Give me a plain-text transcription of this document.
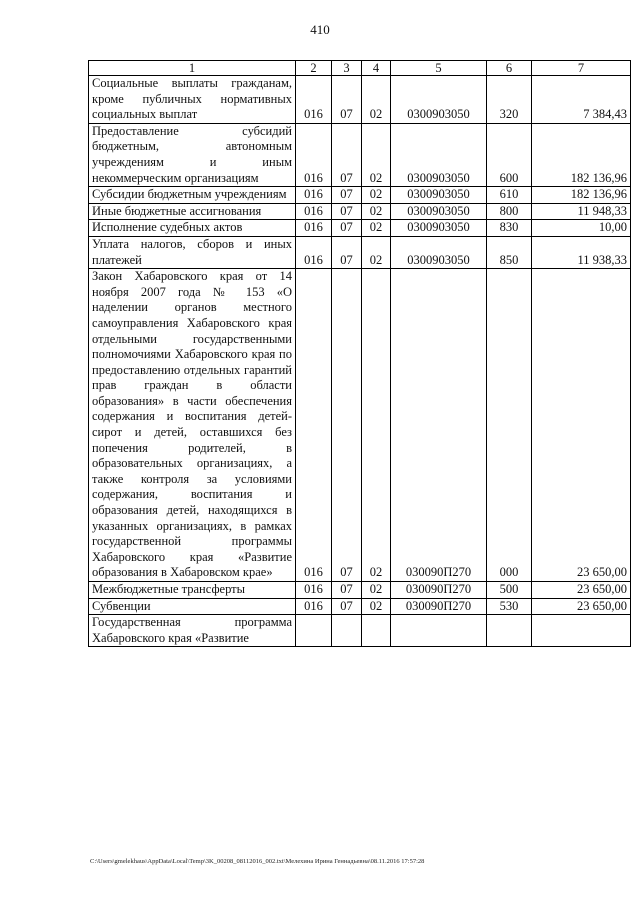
410
1	2	3	4	5	6	7
Социальные выплаты гражданам, кроме публичных нормативных социальных выплат	016	07	02	0300903050	320	7 384,43
Предоставление субсидий бюджетным, автономным учреждениям и иным некоммерческим организациям	016	07	02	0300903050	600	182 136,96
Субсидии бюджетным учреждениям	016	07	02	0300903050	610	182 136,96
Иные бюджетные ассигнования	016	07	02	0300903050	800	11 948,33
Исполнение судебных актов	016	07	02	0300903050	830	10,00
Уплата налогов, сборов и иных платежей	016	07	02	0300903050	850	11 938,33
Закон Хабаровского края от 14 ноября 2007 года № 153 «О наделении органов местного самоуправления Хабаровского края отдельными государственными полномочиями Хабаровского края по предоставлению отдельных гарантий прав граждан в области образования» в части обеспечения содержания и воспитания детей-сирот и детей, оставшихся без попечения родителей, в образовательных организациях, а также контроля за условиями содержания, воспитания и образования детей, находящихся в указанных организациях, в рамках государственной программы Хабаровского края «Развитие образования в Хабаровском крае»	016	07	02	030090П270	000	23 650,00
Межбюджетные трансферты	016	07	02	030090П270	500	23 650,00
Субвенции	016	07	02	030090П270	530	23 650,00
Государственная программа Хабаровского края «Развитие						
C:\Users\gmelekhaus\AppData\Local\Temp\3K_00208_08112016_002.txt\Мелехина Ирина Геннадьевна\08.11.2016 17:57:28
